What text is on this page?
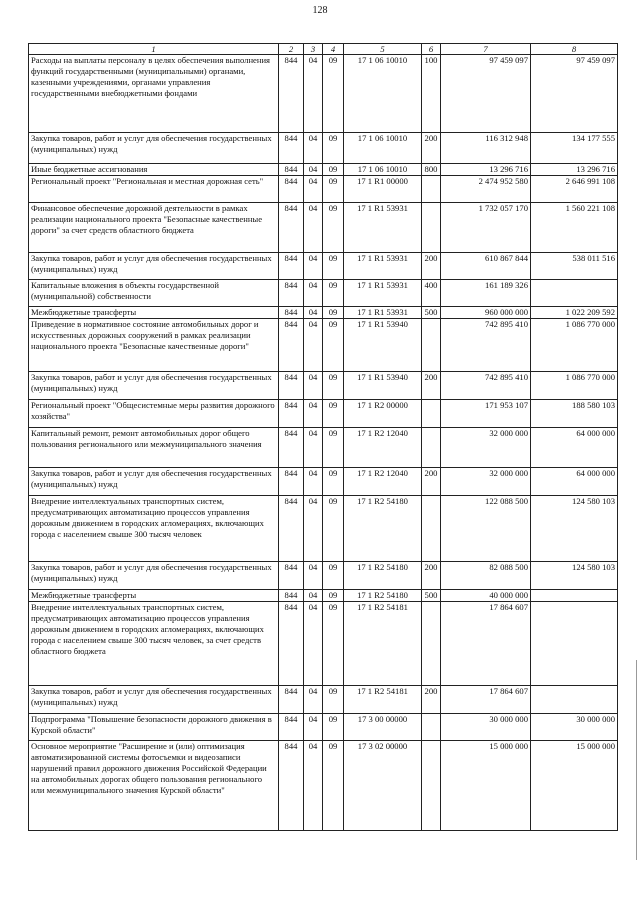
128
1	2	3	4	5	6	7	8
Расходы на выплаты персоналу в целях обеспечения выполнения функций государственными (муниципальными) органами, казенными учреждениями, органами управления государственными внебюджетными фондами	844	04	09	17 1 06 10010	100	97 459 097	97 459 097
Закупка товаров, работ и услуг для обеспечения государственных (муниципальных) нужд	844	04	09	17 1 06 10010	200	116 312 948	134 177 555
Иные бюджетные ассигнования	844	04	09	17 1 06 10010	800	13 296 716	13 296 716
Региональный проект "Региональная и местная дорожная сеть"	844	04	09	17 1 R1 00000		2 474 952 580	2 646 991 108
Финансовое обеспечение дорожной деятельности в рамках реализации национального проекта "Безопасные качественные дороги" за счет средств областного бюджета	844	04	09	17 1 R1 53931		1 732 057 170	1 560 221 108
Закупка товаров, работ и услуг для обеспечения государственных (муниципальных) нужд	844	04	09	17 1 R1 53931	200	610 867 844	538 011 516
Капитальные вложения в объекты государственной (муниципальной) собственности	844	04	09	17 1 R1 53931	400	161 189 326	
Межбюджетные трансферты	844	04	09	17 1 R1 53931	500	960 000 000	1 022 209 592
Приведение в нормативное состояние автомобильных дорог и искусственных дорожных сооружений в рамках реализации национального проекта "Безопасные качественные дороги"	844	04	09	17 1 R1 53940		742 895 410	1 086 770 000
Закупка товаров, работ и услуг для обеспечения государственных (муниципальных) нужд	844	04	09	17 1 R1 53940	200	742 895 410	1 086 770 000
Региональный проект "Общесистемные меры развития дорожного хозяйства"	844	04	09	17 1 R2 00000		171 953 107	188 580 103
Капитальный ремонт, ремонт автомобильных дорог общего пользования регионального или межмуниципального значения	844	04	09	17 1 R2 12040		32 000 000	64 000 000
Закупка товаров, работ и услуг для обеспечения государственных (муниципальных) нужд	844	04	09	17 1 R2 12040	200	32 000 000	64 000 000
Внедрение интеллектуальных транспортных систем, предусматривающих автоматизацию процессов управления дорожным движением в городских агломерациях, включающих города с населением свыше 300 тысяч человек	844	04	09	17 1 R2 54180		122 088 500	124 580 103
Закупка товаров, работ и услуг для обеспечения государственных (муниципальных) нужд	844	04	09	17 1 R2 54180	200	82 088 500	124 580 103
Межбюджетные трансферты	844	04	09	17 1 R2 54180	500	40 000 000	
Внедрение интеллектуальных транспортных систем, предусматривающих автоматизацию процессов управления дорожным движением в городских агломерациях, включающих города с населением свыше 300 тысяч человек, за счет средств областного бюджета	844	04	09	17 1 R2 54181		17 864 607	
Закупка товаров, работ и услуг для обеспечения государственных (муниципальных) нужд	844	04	09	17 1 R2 54181	200	17 864 607	
Подпрограмма "Повышение безопасности дорожного движения в Курской области"	844	04	09	17 3 00 00000		30 000 000	30 000 000
Основное мероприятие "Расширение и (или) оптимизация автоматизированной системы фотосъемки и видеозаписи нарушений правил дорожного движения Российской Федерации на автомобильных дорогах общего пользования регионального или межмуниципального значения Курской области"	844	04	09	17 3 02 00000		15 000 000	15 000 000
